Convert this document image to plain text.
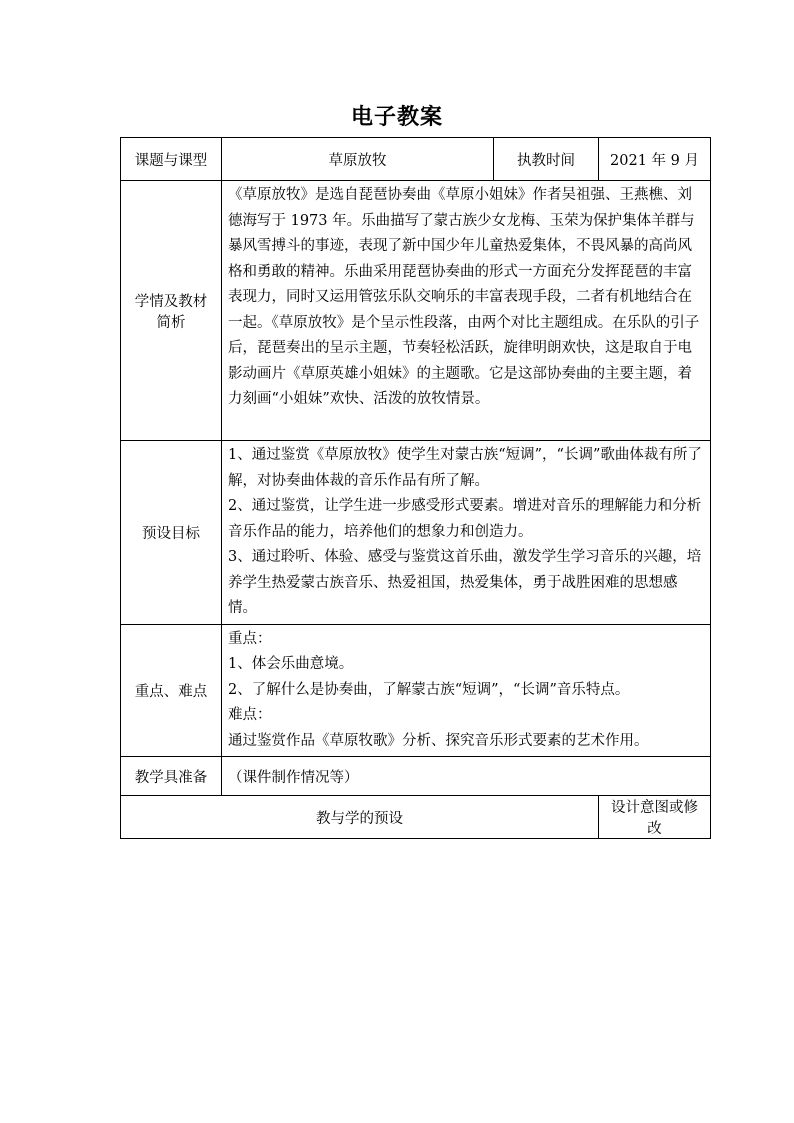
电子教案
课题与课型	草原放牧	执教时间	2021 年 9 月

学情及教材
简析	《草原放牧》是选自琵琶协奏曲《草原小姐妹》作者吴祖强、王燕樵、刘德海写于 1973 年。乐曲描写了蒙古族少女龙梅、玉荣为保护集体羊群与暴风雪搏斗的事迹，表现了新中国少年儿童热爱集体，不畏风暴的高尚风格和勇敢的精神。乐曲采用琵琶协奏曲的形式一方面充分发挥琵琶的丰富表现力，同时又运用管弦乐队交响乐的丰富表现手段，二者有机地结合在一起。《草原放牧》是个呈示性段落，由两个对比主题组成。在乐队的引子后，琵琶奏出的呈示主题，节奏轻松活跃，旋律明朗欢快，这是取自于电影动画片《草原英雄小姐妹》的主题歌。它是这部协奏曲的主要主题，着力刻画“小姐妹”欢快、活泼的放牧情景。		

预设目标	1、通过鉴赏《草原放牧》使学生对蒙古族“短调”，“长调”歌曲体裁有所了解，对协奏曲体裁的音乐作品有所了解。

2、通过鉴赏，让学生进一步感受形式要素。增进对音乐的理解能力和分析音乐作品的能力，培养他们的想象力和创造力。

3、通过聆听、体验、感受与鉴赏这首乐曲，激发学生学习音乐的兴趣，培养学生热爱蒙古族音乐、热爱祖国，热爱集体，勇于战胜困难的思想感情。		

重点、难点	重点：

1、体会乐曲意境。

2、了解什么是协奏曲，了解蒙古族“短调”，“长调”音乐特点。

难点：

通过鉴赏作品《草原牧歌》分析、探究音乐形式要素的艺术作用。		

教学具准备	（课件制作情况等）		
教与学的预设			设计意图或修改
